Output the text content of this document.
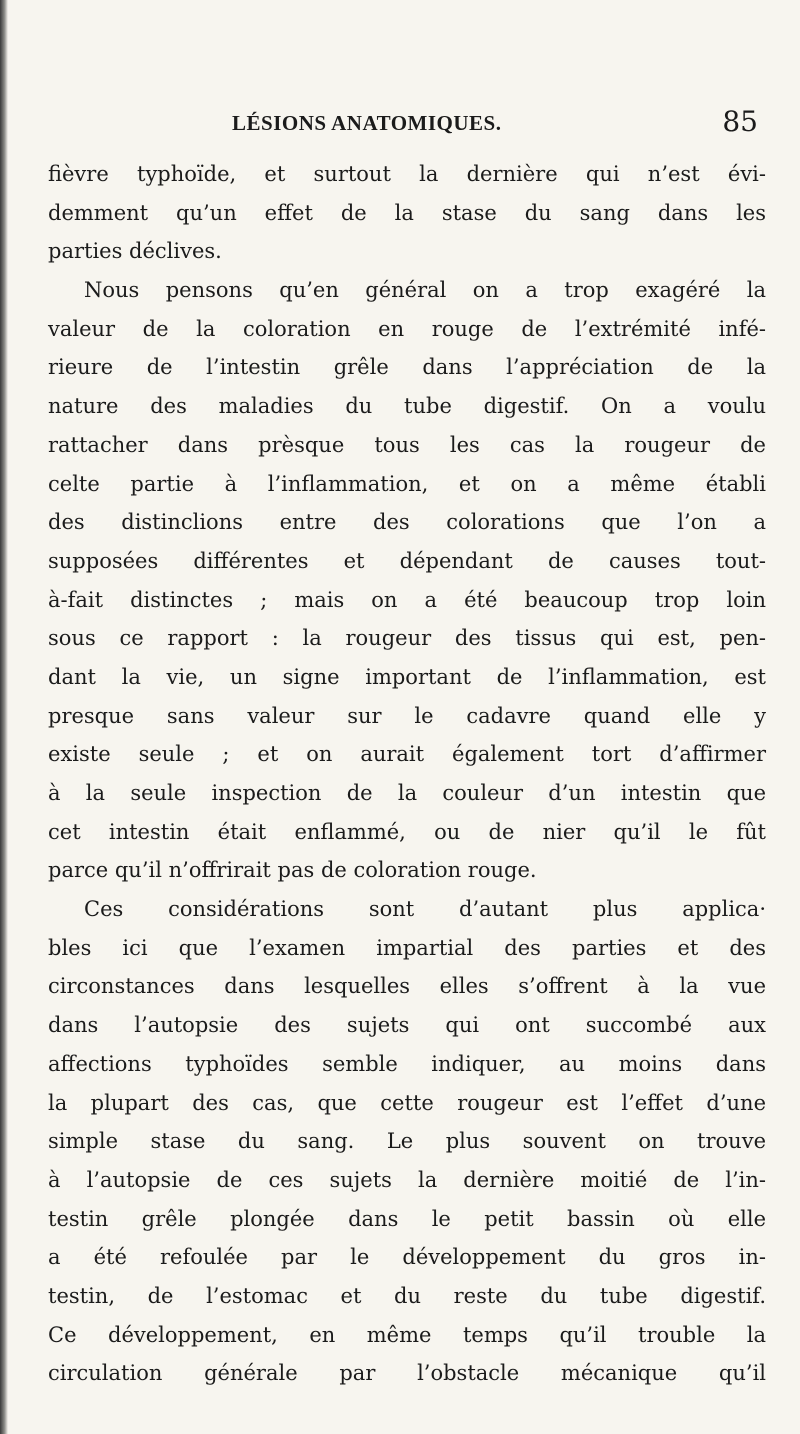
LÉSIONS ANATOMIQUES.	85
fièvre typhoïde, et surtout la dernière qui n’est évi-
demment qu’un effet de la stase du sang dans les
parties déclives.
Nous pensons qu’en général on a trop exagéré la
valeur de la coloration en rouge de l’extrémité infé-
rieure de l’intestin grêle dans l’appréciation de la
nature des maladies du tube digestif. On a voulu
rattacher dans prèsque tous les cas la rougeur de
celte partie à l’inflammation, et on a même établi
des distinclions entre des colorations que l’on a
supposées différentes et dépendant de causes tout-
à-fait distinctes ; mais on a été beaucoup trop loin
sous ce rapport : la rougeur des tissus qui est, pen-
dant la vie, un signe important de l’inflammation, est
presque sans valeur sur le cadavre quand elle y
existe seule ; et on aurait également tort d’affirmer
à la seule inspection de la couleur d’un intestin que
cet intestin était enflammé, ou de nier qu’il le fût
parce qu’il n’offrirait pas de coloration rouge.
Ces considérations sont d’autant plus applica·
bles ici que l’examen impartial des parties et des
circonstances dans lesquelles elles s’offrent à la vue
dans l’autopsie des sujets qui ont succombé aux
affections typhoïdes semble indiquer, au moins dans
la plupart des cas, que cette rougeur est l’effet d’une
simple stase du sang. Le plus souvent on trouve
à l’autopsie de ces sujets la dernière moitié de l’in-
testin grêle plongée dans le petit bassin où elle
a été refoulée par le développement du gros in-
testin, de l’estomac et du reste du tube digestif.
Ce développement, en même temps qu’il trouble la
circulation générale par l’obstacle mécanique qu’il
